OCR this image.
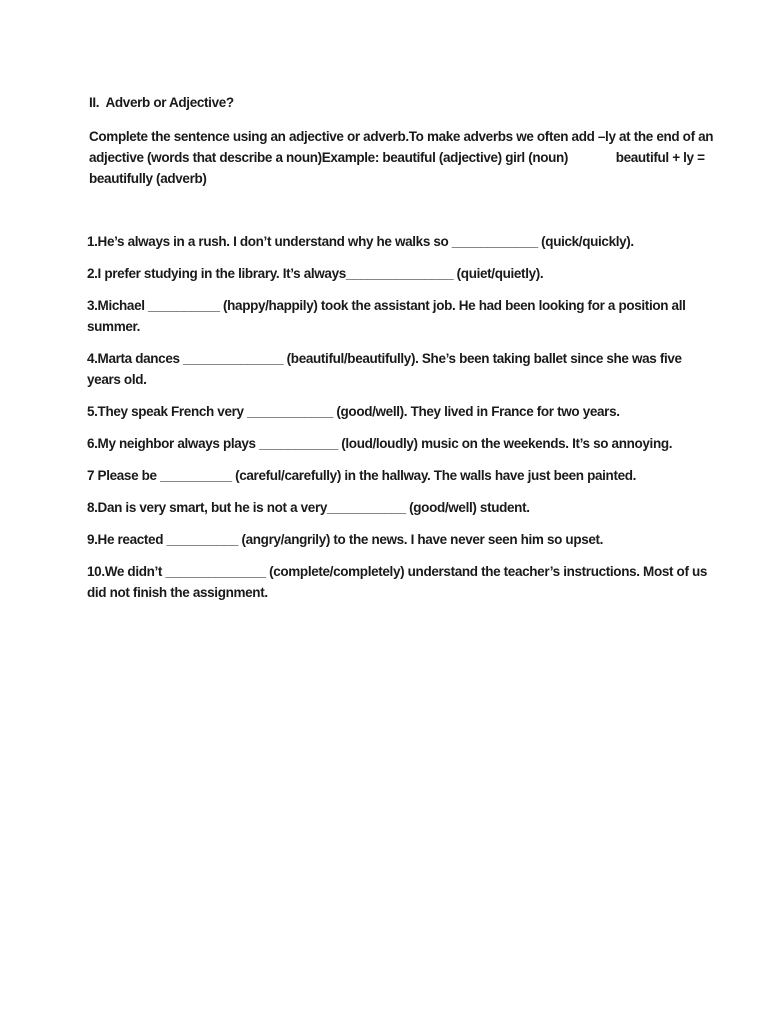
II.  Adverb or Adjective?
Complete the sentence using an adjective or adverb.To make adverbs we often add –ly at the end of an
adjective (words that describe a noun)Example: beautiful (adjective) girl (noun)              beautiful + ly =
beautifully (adverb)

1.He’s always in a rush. I don’t understand why he walks so ____________ (quick/quickly).

2.I prefer studying in the library. It’s always_______________ (quiet/quietly).

3.Michael __________ (happy/happily) took the assistant job. He had been looking for a position all summer.

4.Marta dances ______________ (beautiful/beautifully). She’s been taking ballet since she was five years old.

5.They speak French very ____________ (good/well). They lived in France for two years.

6.My neighbor always plays ___________ (loud/loudly) music on the weekends. It’s so annoying.

7 Please be __________ (careful/carefully) in the hallway. The walls have just been painted.

8.Dan is very smart, but he is not a very___________ (good/well) student.

9.He reacted __________ (angry/angrily) to the news. I have never seen him so upset.

10.We didn’t ______________ (complete/completely) understand the teacher’s instructions. Most of us did not finish the assignment.
